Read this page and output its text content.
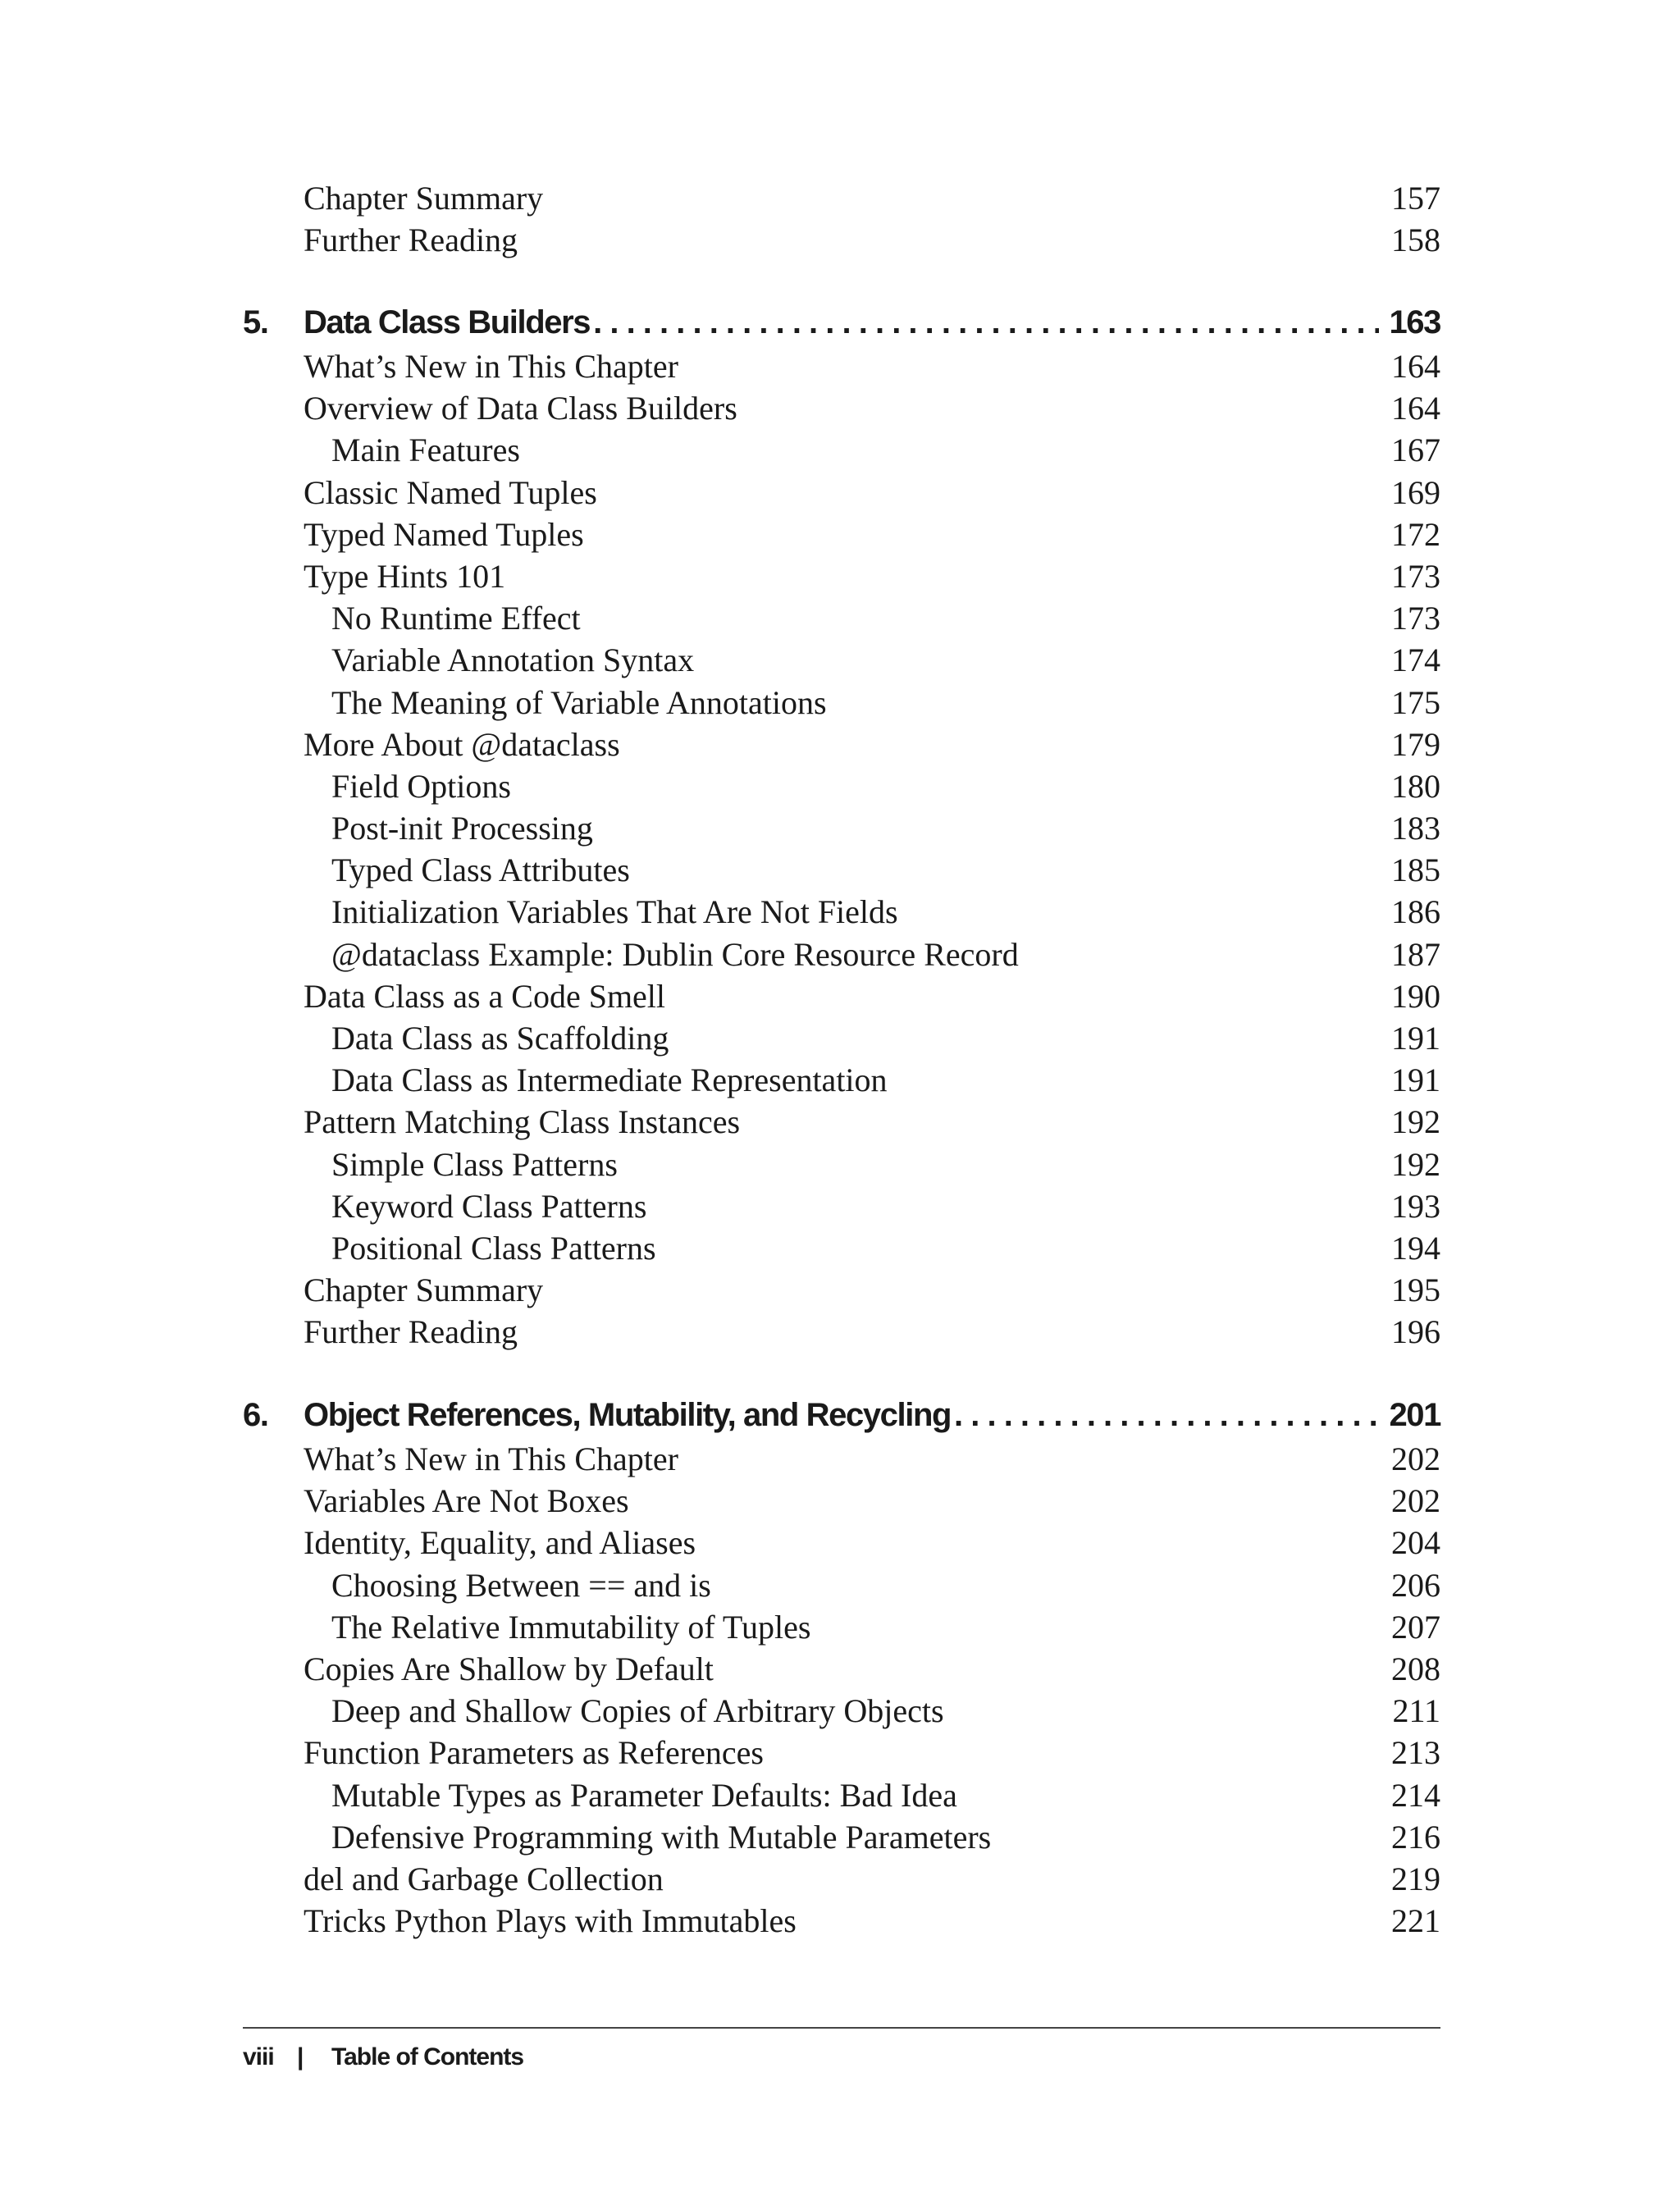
Chapter Summary	157
Further Reading	158
5.	Data Class Builders . . .	163
What’s New in This Chapter	164
Overview of Data Class Builders	164
Main Features	167
Classic Named Tuples	169
Typed Named Tuples	172
Type Hints 101	173
No Runtime Effect	173
Variable Annotation Syntax	174
The Meaning of Variable Annotations	175
More About @dataclass	179
Field Options	180
Post-init Processing	183
Typed Class Attributes	185
Initialization Variables That Are Not Fields	186
@dataclass Example: Dublin Core Resource Record	187
Data Class as a Code Smell	190
Data Class as Scaffolding	191
Data Class as Intermediate Representation	191
Pattern Matching Class Instances	192
Simple Class Patterns	192
Keyword Class Patterns	193
Positional Class Patterns	194
Chapter Summary	195
Further Reading	196
6.	Object References, Mutability, and Recycling . . .	201
What’s New in This Chapter	202
Variables Are Not Boxes	202
Identity, Equality, and Aliases	204
Choosing Between == and is	206
The Relative Immutability of Tuples	207
Copies Are Shallow by Default	208
Deep and Shallow Copies of Arbitrary Objects	211
Function Parameters as References	213
Mutable Types as Parameter Defaults: Bad Idea	214
Defensive Programming with Mutable Parameters	216
del and Garbage Collection	219
Tricks Python Plays with Immutables	221
viii | Table of Contents
